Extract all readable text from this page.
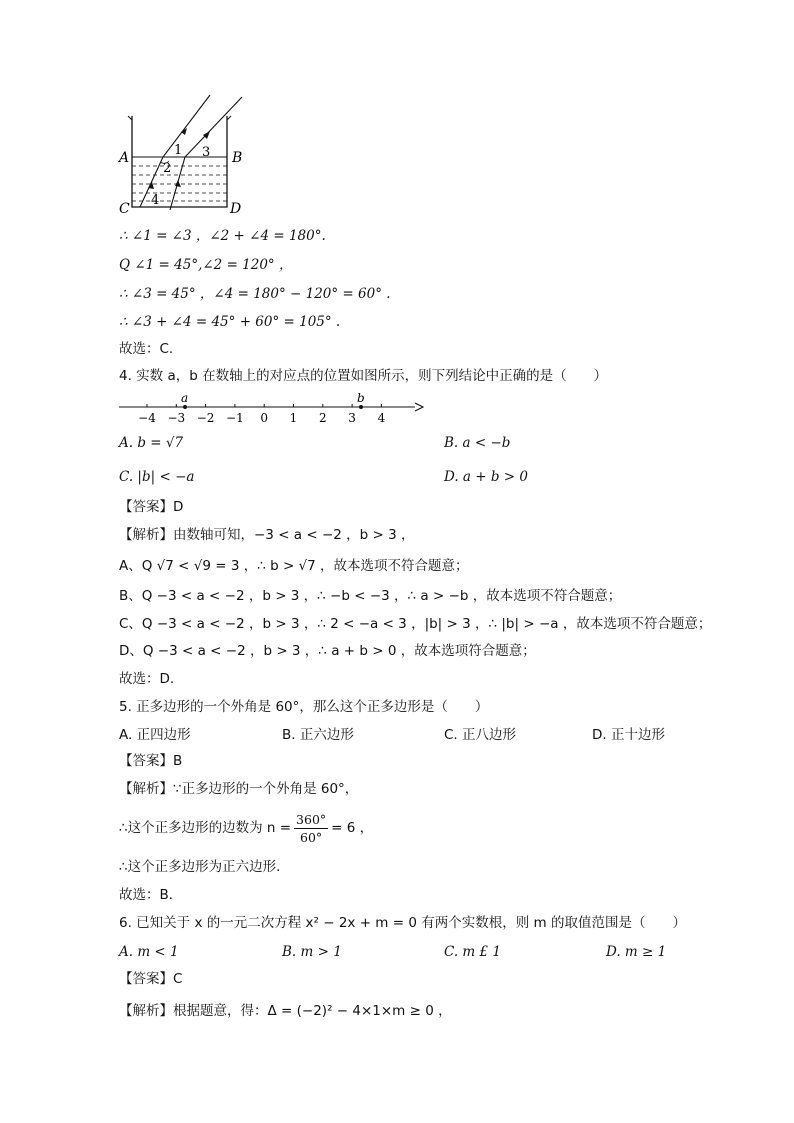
A	B
C	D
1
2
3
4
∴ ∠1 = ∠3 ，∠2 + ∠4 = 180°.
Q ∠1 = 45°,∠2 = 120° ，
∴ ∠3 = 45° ，∠4 = 180° − 120° = 60° .
∴ ∠3 + ∠4 = 45° + 60° = 105° .
故选：C.
4. 实数 a，b 在数轴上的对应点的位置如图所示，则下列结论中正确的是（　　）
−4 −3 −2 −1 0 1 2 3 4
a	b
A. b = √7	B. a < −b
C. |b| < −a	D. a + b > 0
【答案】D
【解析】由数轴可知，−3 < a < −2 ，b > 3 ，
A、Q √7 < √9 = 3 ，∴ b > √7 ，故本选项不符合题意；
B、Q −3 < a < −2 ，b > 3 ，∴ −b < −3 ，∴ a > −b ，故本选项不符合题意；
C、Q −3 < a < −2 ，b > 3 ，∴ 2 < −a < 3 ，|b| > 3 ，∴ |b| > −a ，故本选项不符合题意；
D、Q −3 < a < −2 ，b > 3 ，∴ a + b > 0 ，故本选项符合题意；
故选：D.
5. 正多边形的一个外角是 60°，那么这个正多边形是（　　）
A. 正四边形	B. 正六边形	C. 正八边形	D. 正十边形
【答案】B
【解析】∵正多边形的一个外角是 60°，
∴这个正多边形的边数为 $n = \frac{360^\circ}{60^\circ} = 6$ ，
∴这个正多边形为正六边形.
故选：B．
6. 已知关于 x 的一元二次方程 x² − 2x + m = 0 有两个实数根，则 m 的取值范围是（　　）
A. m < 1	B. m > 1	C. m £ 1	D. m ≥ 1
【答案】C
【解析】根据题意，得：Δ = (−2)² − 4×1×m ≥ 0 ，
